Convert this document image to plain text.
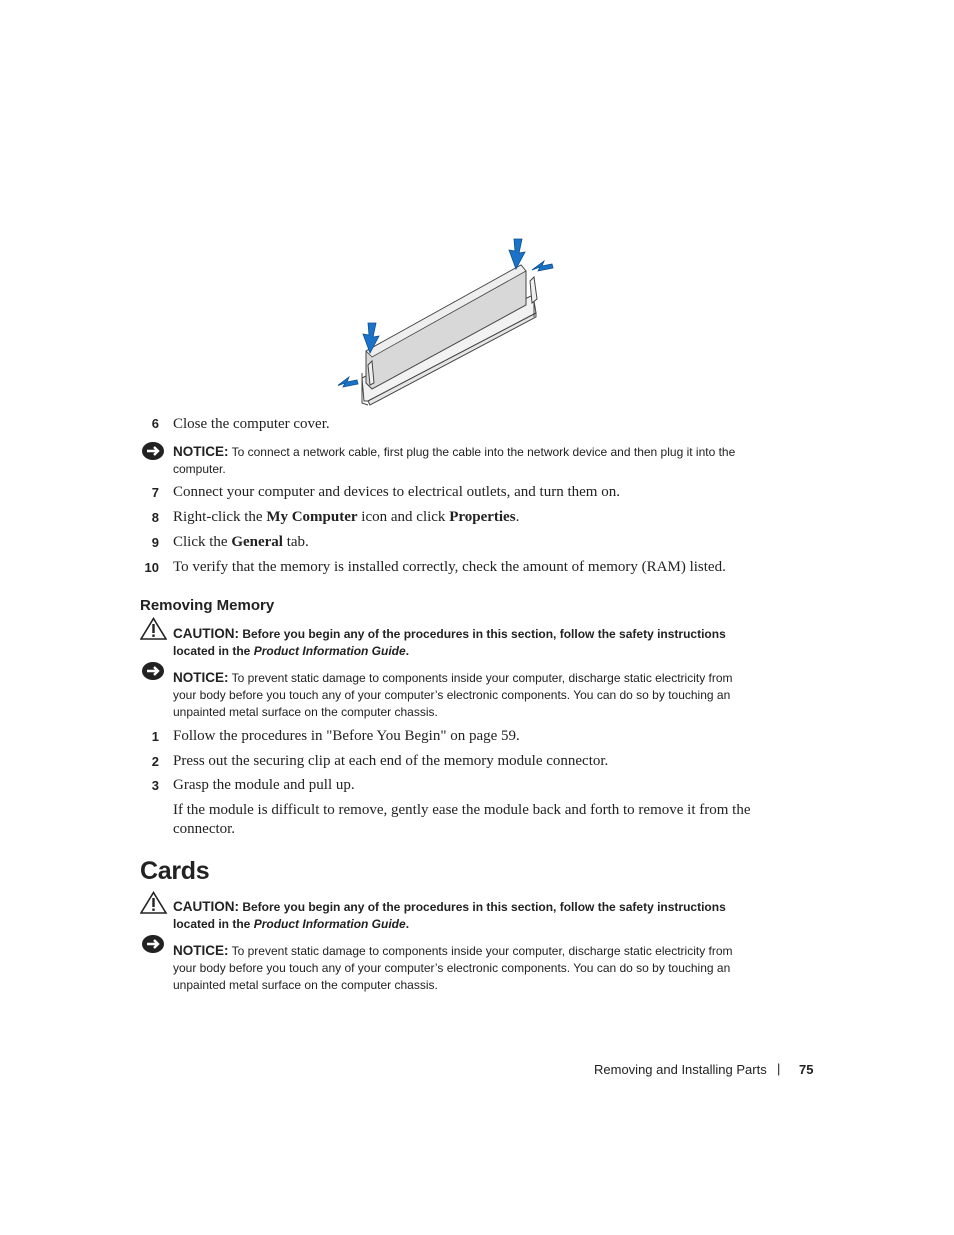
6 Close the computer cover.
NOTICE: To connect a network cable, first plug the cable into the network device and then plug it into the computer.
7 Connect your computer and devices to electrical outlets, and turn them on.
8 Right-click the My Computer icon and click Properties.
9 Click the General tab.
10 To verify that the memory is installed correctly, check the amount of memory (RAM) listed.
Removing Memory
CAUTION: Before you begin any of the procedures in this section, follow the safety instructions located in the Product Information Guide.
NOTICE: To prevent static damage to components inside your computer, discharge static electricity from your body before you touch any of your computer’s electronic components. You can do so by touching an unpainted metal surface on the computer chassis.
1 Follow the procedures in "Before You Begin" on page 59.
2 Press out the securing clip at each end of the memory module connector.
3 Grasp the module and pull up.
If the module is difficult to remove, gently ease the module back and forth to remove it from the connector.
Cards
CAUTION: Before you begin any of the procedures in this section, follow the safety instructions located in the Product Information Guide.
NOTICE: To prevent static damage to components inside your computer, discharge static electricity from your body before you touch any of your computer’s electronic components. You can do so by touching an unpainted metal surface on the computer chassis.
Removing and Installing Parts | 75
